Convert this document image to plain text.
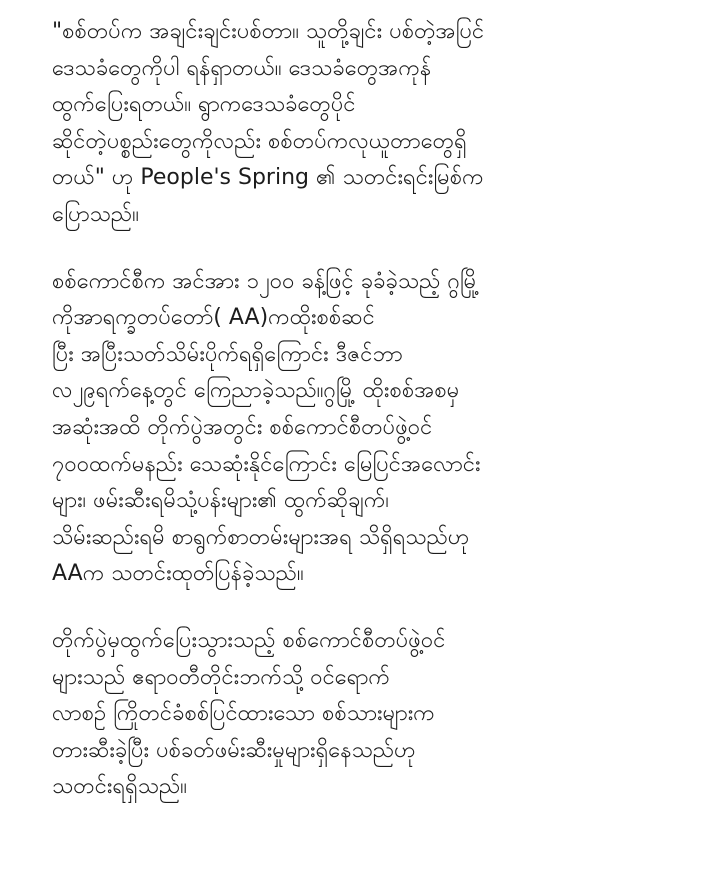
"စစ်တပ်က အချင်းချင်းပစ်တာ။ သူတို့ချင်း ပစ်တဲ့အပြင်
ဒေသခံတွေကိုပါ ရန်ရှာတယ်။ ဒေသခံတွေအကုန်
ထွက်ပြေးရတယ်။ ရွာကဒေသခံတွေပိုင်
ဆိုင်တဲ့ပစ္စည်းတွေကိုလည်း စစ်တပ်ကလုယူတာတွေရှိ
တယ်" ဟု People's Spring ၏ သတင်းရင်းမြစ်က
ပြောသည်။
စစ်ကောင်စီက အင်အား ၁၂၀၀ ခန့်ဖြင့် ခုခံခဲ့သည့် ဂွမြို့
ကိုအာရက္ခတပ်တော်( AA)ကထိုးစစ်ဆင်
ပြီး အပြီးသတ်သိမ်းပိုက်ရရှိကြောင်း ဒီဇင်ဘာ
လ၂၉ရက်နေ့တွင် ကြေညာခဲ့သည်။ဂွမြို့ ထိုးစစ်အစမှ
အဆုံးအထိ တိုက်ပွဲအတွင်း စစ်ကောင်စီတပ်ဖွဲ့ဝင်
၇၀၀ထက်မနည်း သေဆုံးနိုင်ကြောင်း မြေပြင်အလောင်း
များ၊ ဖမ်းဆီးရမိသုံ့ပန်းများ၏ ထွက်ဆိုချက်၊
သိမ်းဆည်းရမိ စာရွက်စာတမ်းများအရ သိရှိရသည်ဟု
AAက သတင်းထုတ်ပြန်ခဲ့သည်။
တိုက်ပွဲမှထွက်ပြေးသွားသည့် စစ်ကောင်စီတပ်ဖွဲ့ဝင်
များသည် ဧရာဝတီတိုင်းဘက်သို့ ဝင်ရောက်
လာစဉ် ကြိုတင်ခံစစ်ပြင်ထားသော စစ်သားများက
တားဆီးခဲ့ပြီး ပစ်ခတ်ဖမ်းဆီးမှုများရှိနေသည်ဟု
သတင်းရရှိသည်။
